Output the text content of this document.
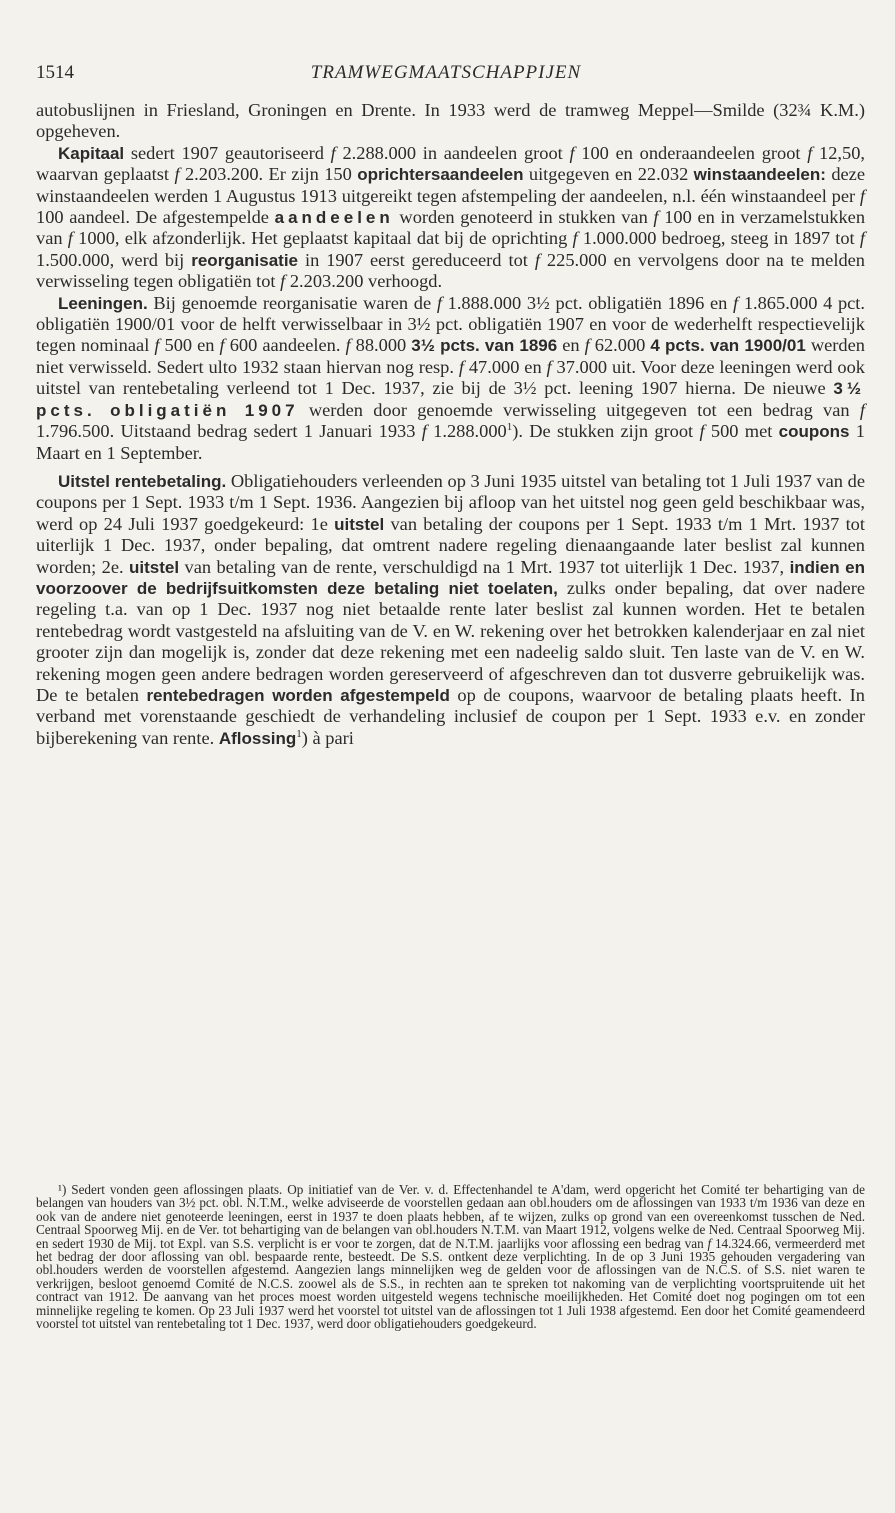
1514	TRAMWEGMAATSCHAPPIJEN

autobuslijnen in Friesland, Groningen en Drente. In 1933 werd de tramweg Meppel—Smilde (32¾ K.M.) opgeheven.

Kapitaal sedert 1907 geautoriseerd f 2.288.000 in aandeelen groot f 100 en onderaandeelen groot f 12,50, waarvan geplaatst f 2.203.200. Er zijn 150 oprichtersaandeelen uitgegeven en 22.032 winstaandeelen: deze winstaandeelen werden 1 Augustus 1913 uitgereikt tegen afstempeling der aandeelen, n.l. één winstaandeel per f 100 aandeel. De afgestempelde aandeelen worden genoteerd in stukken van f 100 en in verzamelstukken van f 1000, elk afzonderlijk. Het geplaatst kapitaal dat bij de oprichting f 1.000.000 bedroeg, steeg in 1897 tot f 1.500.000, werd bij reorganisatie in 1907 eerst gereduceerd tot f 225.000 en vervolgens door na te melden verwisseling tegen obligatiën tot f 2.203.200 verhoogd.

Leeningen. Bij genoemde reorganisatie waren de f 1.888.000 3½ pct. obligatiën 1896 en f 1.865.000 4 pct. obligatiën 1900/01 voor de helft verwisselbaar in 3½ pct. obligatiën 1907 en voor de wederhelft respectievelijk tegen nominaal f 500 en f 600 aandeelen. f 88.000 3½ pcts. van 1896 en f 62.000 4 pcts. van 1900/01 werden niet verwisseld. Sedert ulto 1932 staan hiervan nog resp. f 47.000 en f 37.000 uit. Voor deze leeningen werd ook uitstel van rentebetaling verleend tot 1 Dec. 1937, zie bij de 3½ pct. leening 1907 hierna. De nieuwe 3½ pcts. obligatiën 1907 werden door genoemde verwisseling uitgegeven tot een bedrag van f 1.796.500. Uitstaand bedrag sedert 1 Januari 1933 f 1.288.000$^1$). De stukken zijn groot f 500 met coupons 1 Maart en 1 September.

Uitstel rentebetaling. Obligatiehouders verleenden op 3 Juni 1935 uitstel van betaling tot 1 Juli 1937 van de coupons per 1 Sept. 1933 t/m 1 Sept. 1936. Aangezien bij afloop van het uitstel nog geen geld beschikbaar was, werd op 24 Juli 1937 goedgekeurd: 1e uitstel van betaling der coupons per 1 Sept. 1933 t/m 1 Mrt. 1937 tot uiterlijk 1 Dec. 1937, onder bepaling, dat omtrent nadere regeling dienaangaande later beslist zal kunnen worden; 2e. uitstel van betaling van de rente, verschuldigd na 1 Mrt. 1937 tot uiterlijk 1 Dec. 1937, indien en voorzoover de bedrijfsuitkomsten deze betaling niet toelaten, zulks onder bepaling, dat over nadere regeling t.a. van op 1 Dec. 1937 nog niet betaalde rente later beslist zal kunnen worden. Het te betalen rentebedrag wordt vastgesteld na afsluiting van de V. en W. rekening over het betrokken kalenderjaar en zal niet grooter zijn dan mogelijk is, zonder dat deze rekening met een nadeelig saldo sluit. Ten laste van de V. en W. rekening mogen geen andere bedragen worden gereserveerd of afgeschreven dan tot dusverre gebruikelijk was. De te betalen rentebedragen worden afgestempeld op de coupons, waarvoor de betaling plaats heeft. In verband met vorenstaande geschiedt de verhandeling inclusief de coupon per 1 Sept. 1933 e.v. en zonder bijberekening van rente. Aflossing$^1$) à pari

¹) Sedert vonden geen aflossingen plaats. Op initiatief van de Ver. v. d. Effectenhandel te A'dam, werd opgericht het Comité ter behartiging van de belangen van houders van 3½ pct. obl. N.T.M., welke adviseerde de voorstellen gedaan aan obl.houders om de aflossingen van 1933 t/m 1936 van deze en ook van de andere niet genoteerde leeningen, eerst in 1937 te doen plaats hebben, af te wijzen, zulks op grond van een overeenkomst tusschen de Ned. Centraal Spoorweg Mij. en de Ver. tot behartiging van de belangen van obl.houders N.T.M. van Maart 1912, volgens welke de Ned. Centraal Spoorweg Mij. en sedert 1930 de Mij. tot Expl. van S.S. verplicht is er voor te zorgen, dat de N.T.M. jaarlijks voor aflossing een bedrag van f 14.324.66, vermeerderd met het bedrag der door aflossing van obl. bespaarde rente, besteedt. De S.S. ontkent deze verplichting. In de op 3 Juni 1935 gehouden vergadering van obl.houders werden de voorstellen afgestemd. Aangezien langs minnelijken weg de gelden voor de aflossingen van de N.C.S. of S.S. niet waren te verkrijgen, besloot genoemd Comité de N.C.S. zoowel als de S.S., in rechten aan te spreken tot nakoming van de verplichting voortspruitende uit het contract van 1912. De aanvang van het proces moest worden uitgesteld wegens technische moeilijkheden. Het Comité doet nog pogingen om tot een minnelijke regeling te komen. Op 23 Juli 1937 werd het voorstel tot uitstel van de aflossingen tot 1 Juli 1938 afgestemd. Een door het Comité geamendeerd voorstel tot uitstel van rentebetaling tot 1 Dec. 1937, werd door obligatiehouders goedgekeurd.
